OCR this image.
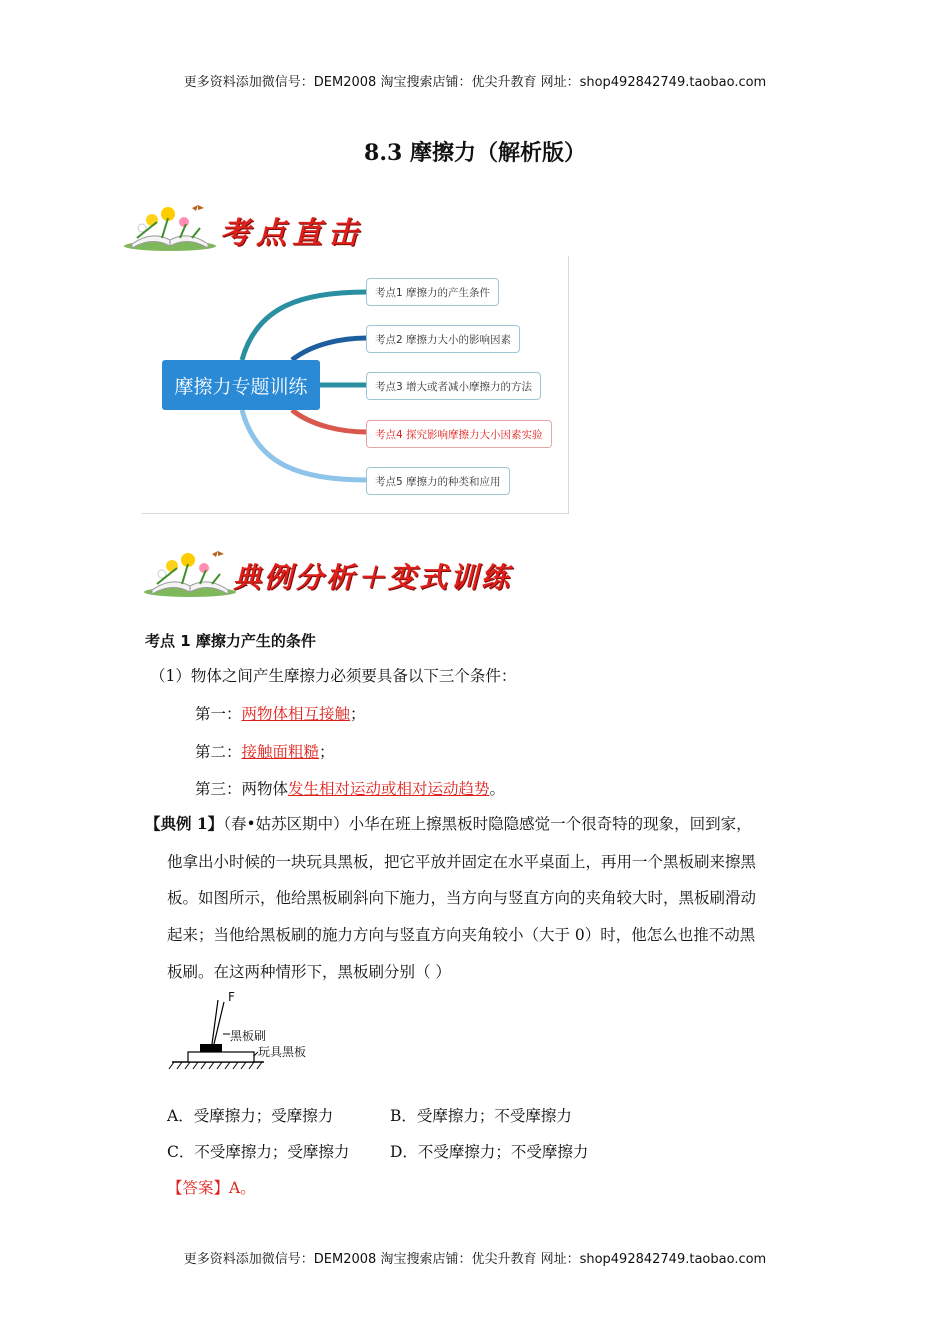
更多资料添加微信号：DEM2008 淘宝搜索店铺：优尖升教育 网址：shop492842749.taobao.com
8.3 摩擦力（解析版）
考点直击
摩擦力专题训练
考点1 摩擦力的产生条件
考点2 摩擦力大小的影响因素
考点3 增大或者减小摩擦力的方法
考点4 探究影响摩擦力大小因素实验
考点5 摩擦力的种类和应用
典例分析＋变式训练
考点 1 摩擦力产生的条件
（1）物体之间产生摩擦力必须要具备以下三个条件：
第一：两物体相互接触；
第二：接触面粗糙；
第三：两物体发生相对运动或相对运动趋势。
【典例 1】（春•姑苏区期中）小华在班上擦黑板时隐隐感觉一个很奇特的现象，回到家，
他拿出小时候的一块玩具黑板，把它平放并固定在水平桌面上，再用一个黑板刷来擦黑
板。如图所示，他给黑板刷斜向下施力，当方向与竖直方向的夹角较大时，黑板刷滑动
起来；当他给黑板刷的施力方向与竖直方向夹角较小（大于 0）时，他怎么也推不动黑
板刷。在这两种情形下，黑板刷分别（ ）
F
黑板刷
玩具黑板
A．受摩擦力；受摩擦力	B．受摩擦力；不受摩擦力
C．不受摩擦力；受摩擦力	D．不受摩擦力；不受摩擦力
【答案】A。
更多资料添加微信号：DEM2008 淘宝搜索店铺：优尖升教育 网址：shop492842749.taobao.com
